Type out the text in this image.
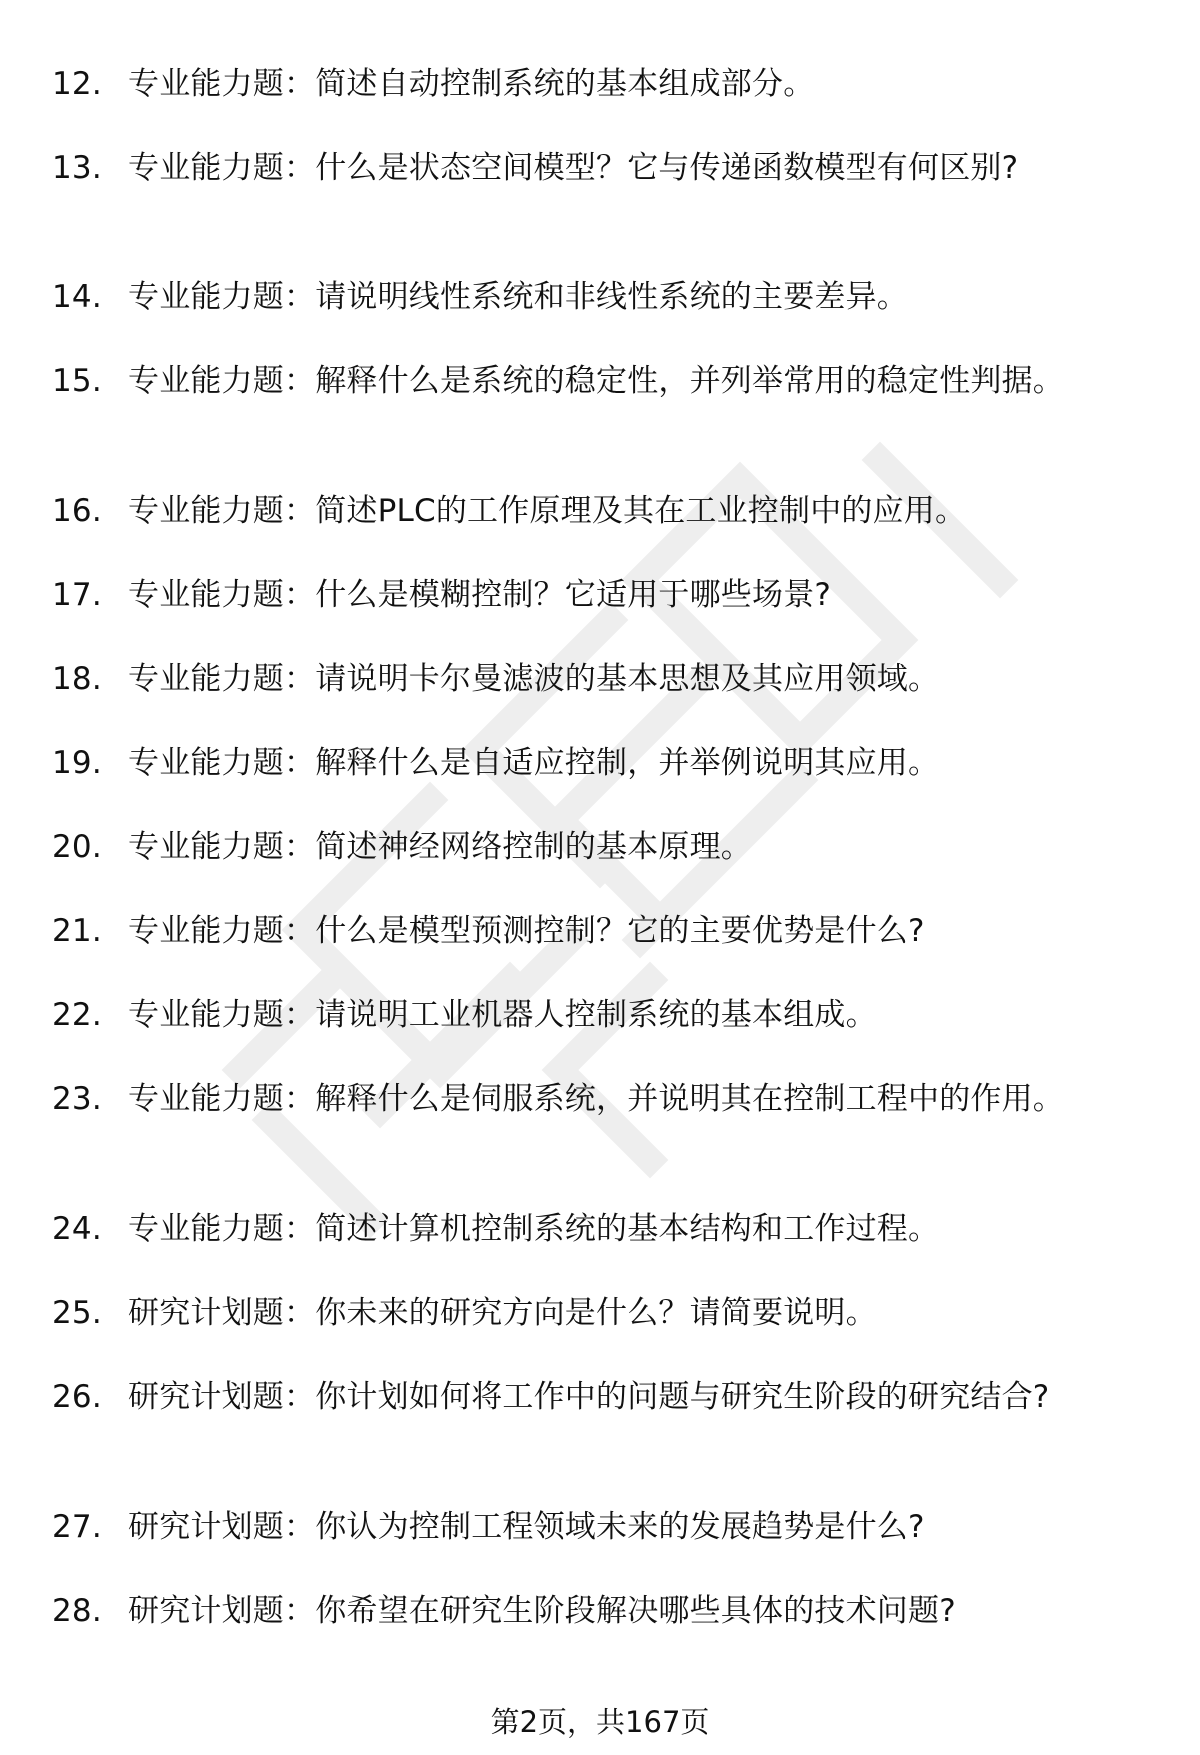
12. 专业能力题：简述自动控制系统的基本组成部分。
13. 专业能力题：什么是状态空间模型？它与传递函数模型有何区别?
14. 专业能力题：请说明线性系统和非线性系统的主要差异。
15. 专业能力题：解释什么是系统的稳定性，并列举常用的稳定性判据。
16. 专业能力题：简述PLC的工作原理及其在工业控制中的应用。
17. 专业能力题：什么是模糊控制？它适用于哪些场景?
18. 专业能力题：请说明卡尔曼滤波的基本思想及其应用领域。
19. 专业能力题：解释什么是自适应控制，并举例说明其应用。
20. 专业能力题：简述神经网络控制的基本原理。
21. 专业能力题：什么是模型预测控制？它的主要优势是什么?
22. 专业能力题：请说明工业机器人控制系统的基本组成。
23. 专业能力题：解释什么是伺服系统，并说明其在控制工程中的作用。
24. 专业能力题：简述计算机控制系统的基本结构和工作过程。
25. 研究计划题：你未来的研究方向是什么？请简要说明。
26. 研究计划题：你计划如何将工作中的问题与研究生阶段的研究结合?
27. 研究计划题：你认为控制工程领域未来的发展趋势是什么?
28. 研究计划题：你希望在研究生阶段解决哪些具体的技术问题?
第2页，共167页
